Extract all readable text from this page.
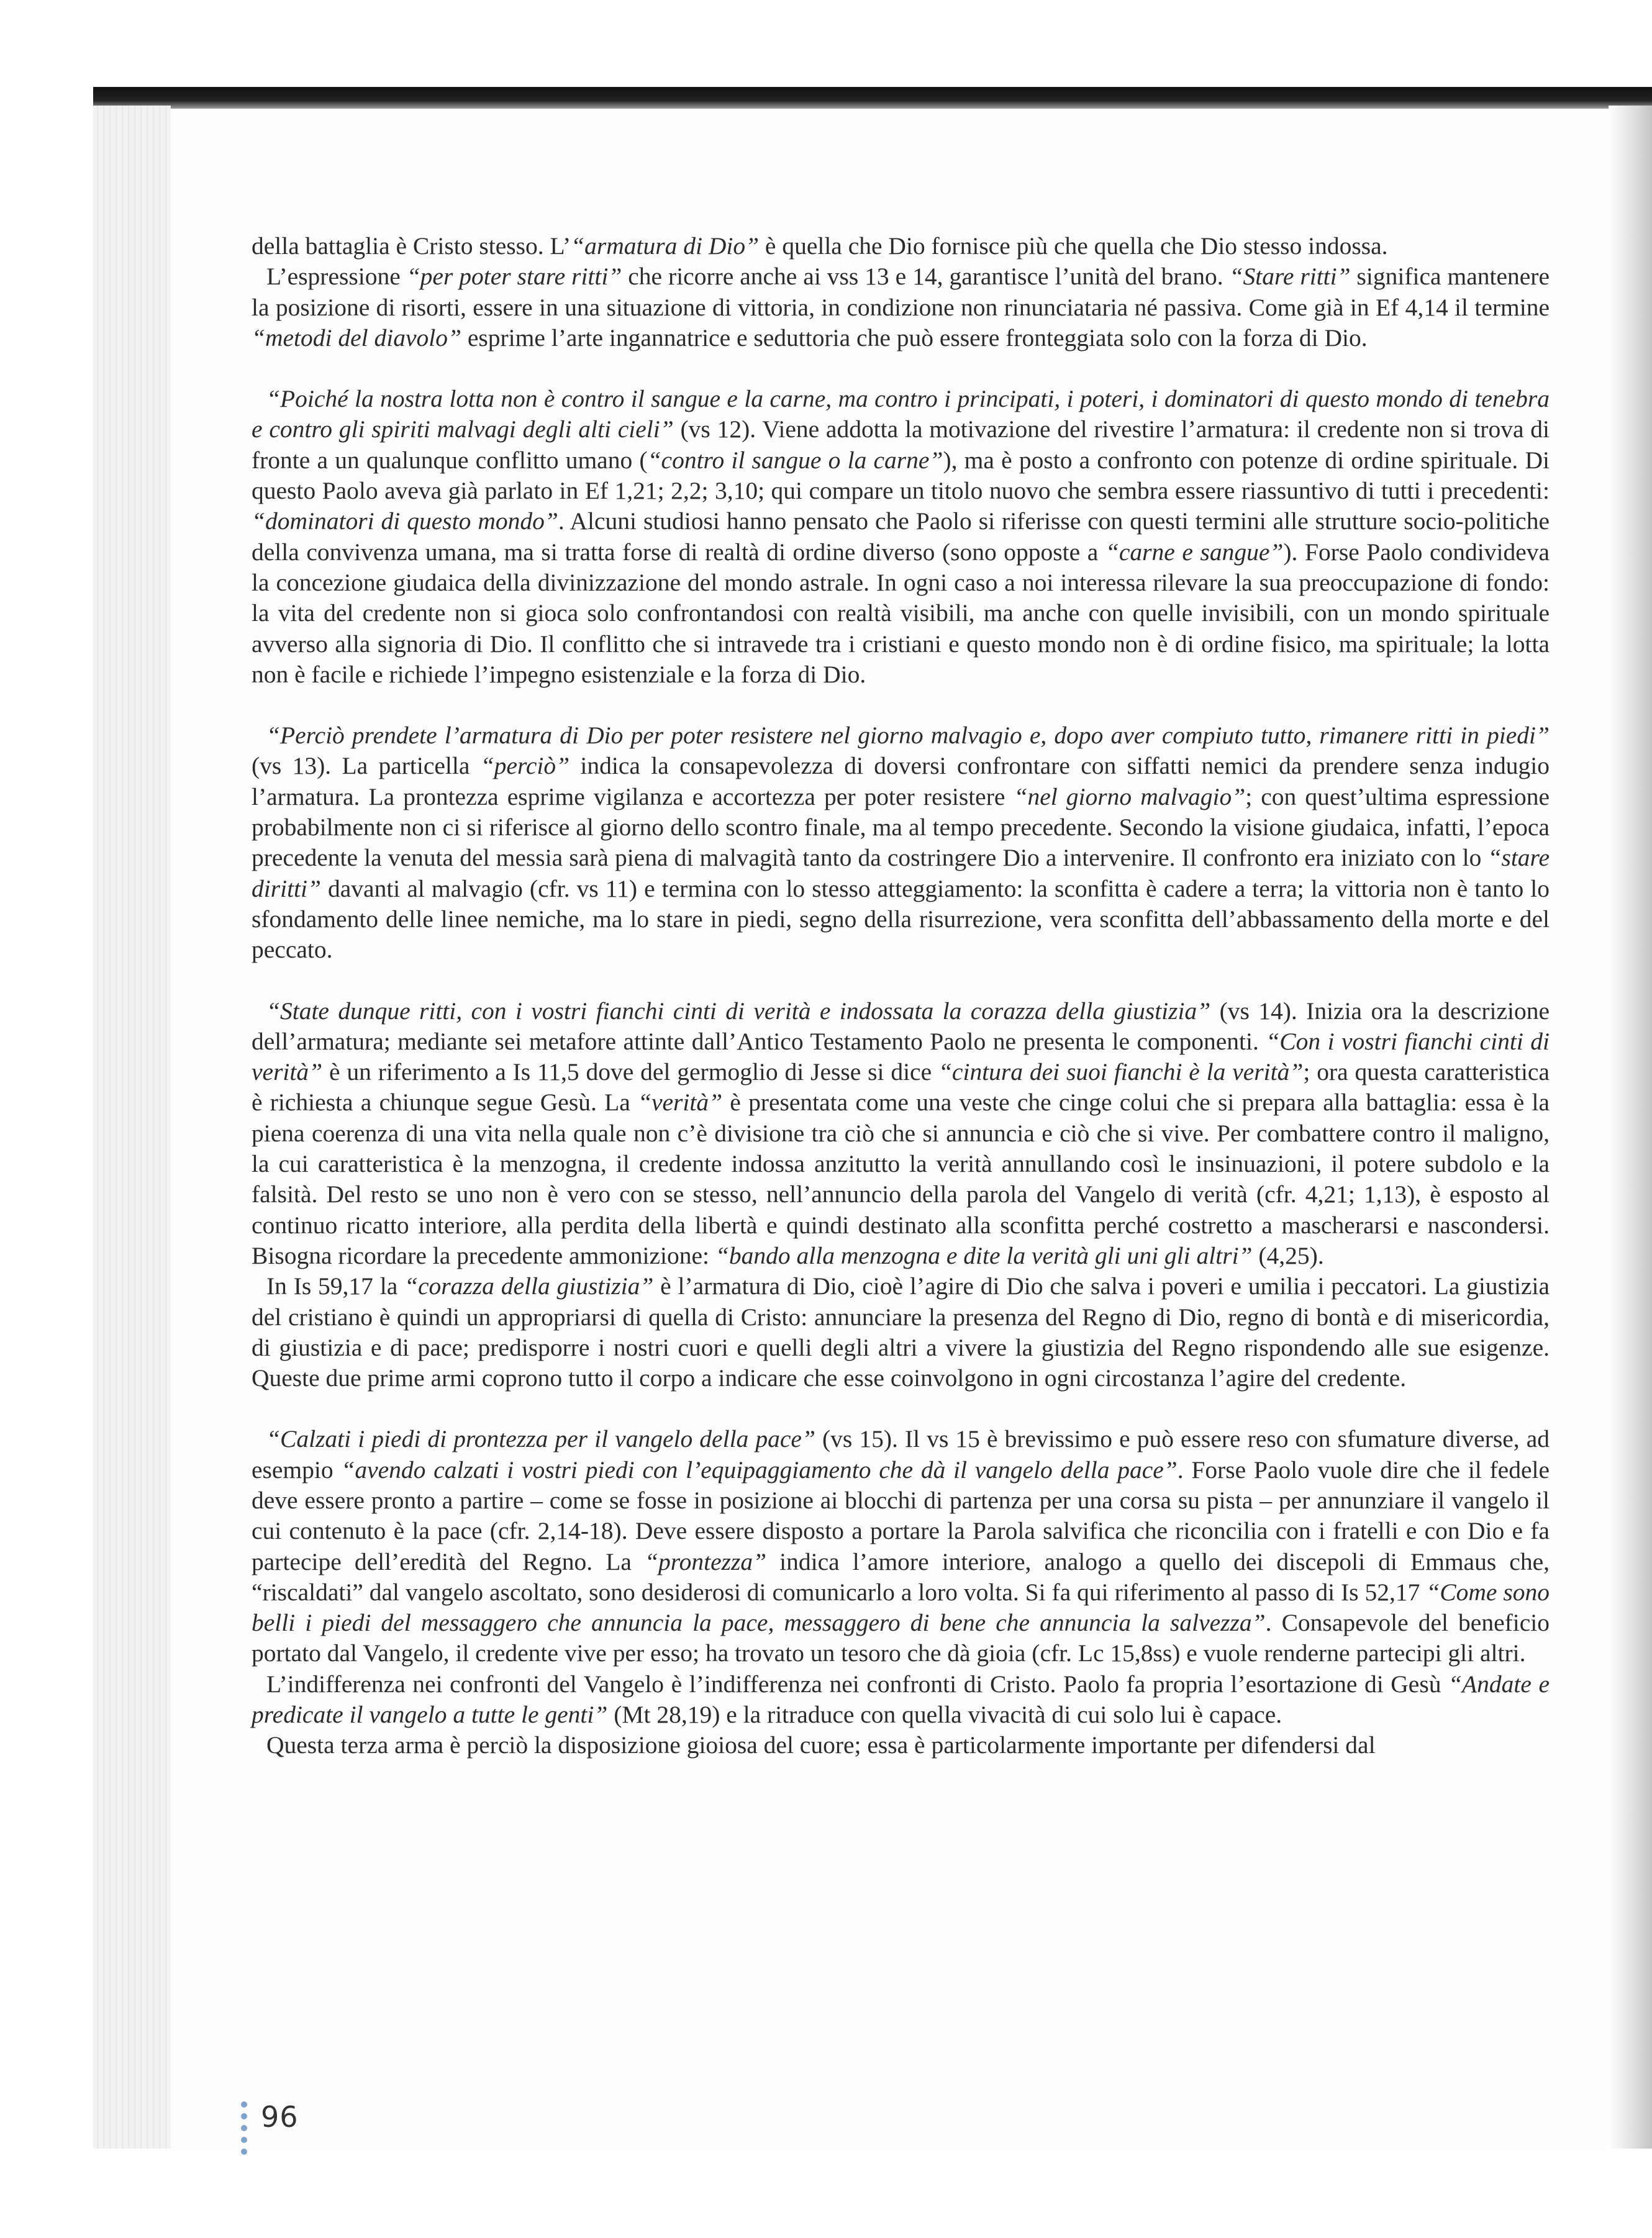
della battaglia è Cristo stesso. L’“armatura di Dio” è quella che Dio fornisce più che quella che Dio stesso indossa.

L’espressione “per poter stare ritti” che ricorre anche ai vss 13 e 14, garantisce l’unità del brano. “Stare ritti” significa mantenere la posizione di risorti, essere in una situazione di vittoria, in condizione non rinunciataria né passiva. Come già in Ef 4,14 il termine “metodi del diavolo” esprime l’arte ingannatrice e seduttoria che può essere fronteggiata solo con la forza di Dio.

“Poiché la nostra lotta non è contro il sangue e la carne, ma contro i principati, i poteri, i dominatori di questo mondo di tenebra e contro gli spiriti malvagi degli alti cieli” (vs 12). Viene addotta la motivazione del rivestire l’armatura: il credente non si trova di fronte a un qualunque conflitto umano (“contro il sangue o la carne”), ma è posto a confronto con potenze di ordine spirituale. Di questo Paolo aveva già parlato in Ef 1,21; 2,2; 3,10; qui compare un titolo nuovo che sembra essere riassuntivo di tutti i precedenti: “dominatori di questo mondo”. Alcuni studiosi hanno pensato che Paolo si riferisse con questi termini alle strutture socio-politiche della convivenza umana, ma si tratta forse di realtà di ordine diverso (sono opposte a “carne e sangue”). Forse Paolo condivideva la concezione giudaica della divinizzazione del mondo astrale. In ogni caso a noi interessa rilevare la sua preoccupazione di fondo: la vita del credente non si gioca solo confrontandosi con realtà visibili, ma anche con quelle invisibili, con un mondo spirituale avverso alla signoria di Dio. Il conflitto che si intravede tra i cristiani e questo mondo non è di ordine fisico, ma spirituale; la lotta non è facile e richiede l’impegno esistenziale e la forza di Dio.

“Perciò prendete l’armatura di Dio per poter resistere nel giorno malvagio e, dopo aver compiuto tutto, rimanere ritti in piedi” (vs 13). La particella “perciò” indica la consapevolezza di doversi confrontare con siffatti nemici da prendere senza indugio l’armatura. La prontezza esprime vigilanza e accortezza per poter resistere “nel giorno malvagio”; con quest’ultima espressione probabilmente non ci si riferisce al giorno dello scontro finale, ma al tempo precedente. Secondo la visione giudaica, infatti, l’epoca precedente la venuta del messia sarà piena di malvagità tanto da costringere Dio a intervenire. Il confronto era iniziato con lo “stare diritti” davanti al malvagio (cfr. vs 11) e termina con lo stesso atteggiamento: la sconfitta è cadere a terra; la vittoria non è tanto lo sfondamento delle linee nemiche, ma lo stare in piedi, segno della risurrezione, vera sconfitta dell’abbassamento della morte e del peccato.

“State dunque ritti, con i vostri fianchi cinti di verità e indossata la corazza della giustizia” (vs 14). Inizia ora la descrizione dell’armatura; mediante sei metafore attinte dall’Antico Testamento Paolo ne presenta le componenti. “Con i vostri fianchi cinti di verità” è un riferimento a Is 11,5 dove del germoglio di Jesse si dice “cintura dei suoi fianchi è la verità”; ora questa caratteristica è richiesta a chiunque segue Gesù. La “verità” è presentata come una veste che cinge colui che si prepara alla battaglia: essa è la piena coerenza di una vita nella quale non c’è divisione tra ciò che si annuncia e ciò che si vive. Per combattere contro il maligno, la cui caratteristica è la menzogna, il credente indossa anzitutto la verità annullando così le insinuazioni, il potere subdolo e la falsità. Del resto se uno non è vero con se stesso, nell’annuncio della parola del Vangelo di verità (cfr. 4,21; 1,13), è esposto al continuo ricatto interiore, alla perdita della libertà e quindi destinato alla sconfitta perché costretto a mascherarsi e nascondersi. Bisogna ricordare la precedente ammonizione: “bando alla menzogna e dite la verità gli uni gli altri” (4,25).

In Is 59,17 la “corazza della giustizia” è l’armatura di Dio, cioè l’agire di Dio che salva i poveri e umilia i peccatori. La giustizia del cristiano è quindi un appropriarsi di quella di Cristo: annunciare la presenza del Regno di Dio, regno di bontà e di misericordia, di giustizia e di pace; predisporre i nostri cuori e quelli degli altri a vivere la giustizia del Regno rispondendo alle sue esigenze. Queste due prime armi coprono tutto il corpo a indicare che esse coinvolgono in ogni circostanza l’agire del credente.

“Calzati i piedi di prontezza per il vangelo della pace” (vs 15). Il vs 15 è brevissimo e può essere reso con sfumature diverse, ad esempio “avendo calzati i vostri piedi con l’equipaggiamento che dà il vangelo della pace”. Forse Paolo vuole dire che il fedele deve essere pronto a partire – come se fosse in posizione ai blocchi di partenza per una corsa su pista – per annunziare il vangelo il cui contenuto è la pace (cfr. 2,14-18). Deve essere disposto a portare la Parola salvifica che riconcilia con i fratelli e con Dio e fa partecipe dell’eredità del Regno. La “prontezza” indica l’amore interiore, analogo a quello dei discepoli di Emmaus che, “riscaldati” dal vangelo ascoltato, sono desiderosi di comunicarlo a loro volta. Si fa qui riferimento al passo di Is 52,17 “Come sono belli i piedi del messaggero che annuncia la pace, messaggero di bene che annuncia la salvezza”. Consapevole del beneficio portato dal Vangelo, il credente vive per esso; ha trovato un tesoro che dà gioia (cfr. Lc 15,8ss) e vuole renderne partecipi gli altri.

L’indifferenza nei confronti del Vangelo è l’indifferenza nei confronti di Cristo. Paolo fa propria l’esortazione di Gesù “Andate e predicate il vangelo a tutte le genti” (Mt 28,19) e la ritraduce con quella vivacità di cui solo lui è capace.

Questa terza arma è perciò la disposizione gioiosa del cuore; essa è particolarmente importante per difendersi dal

96
